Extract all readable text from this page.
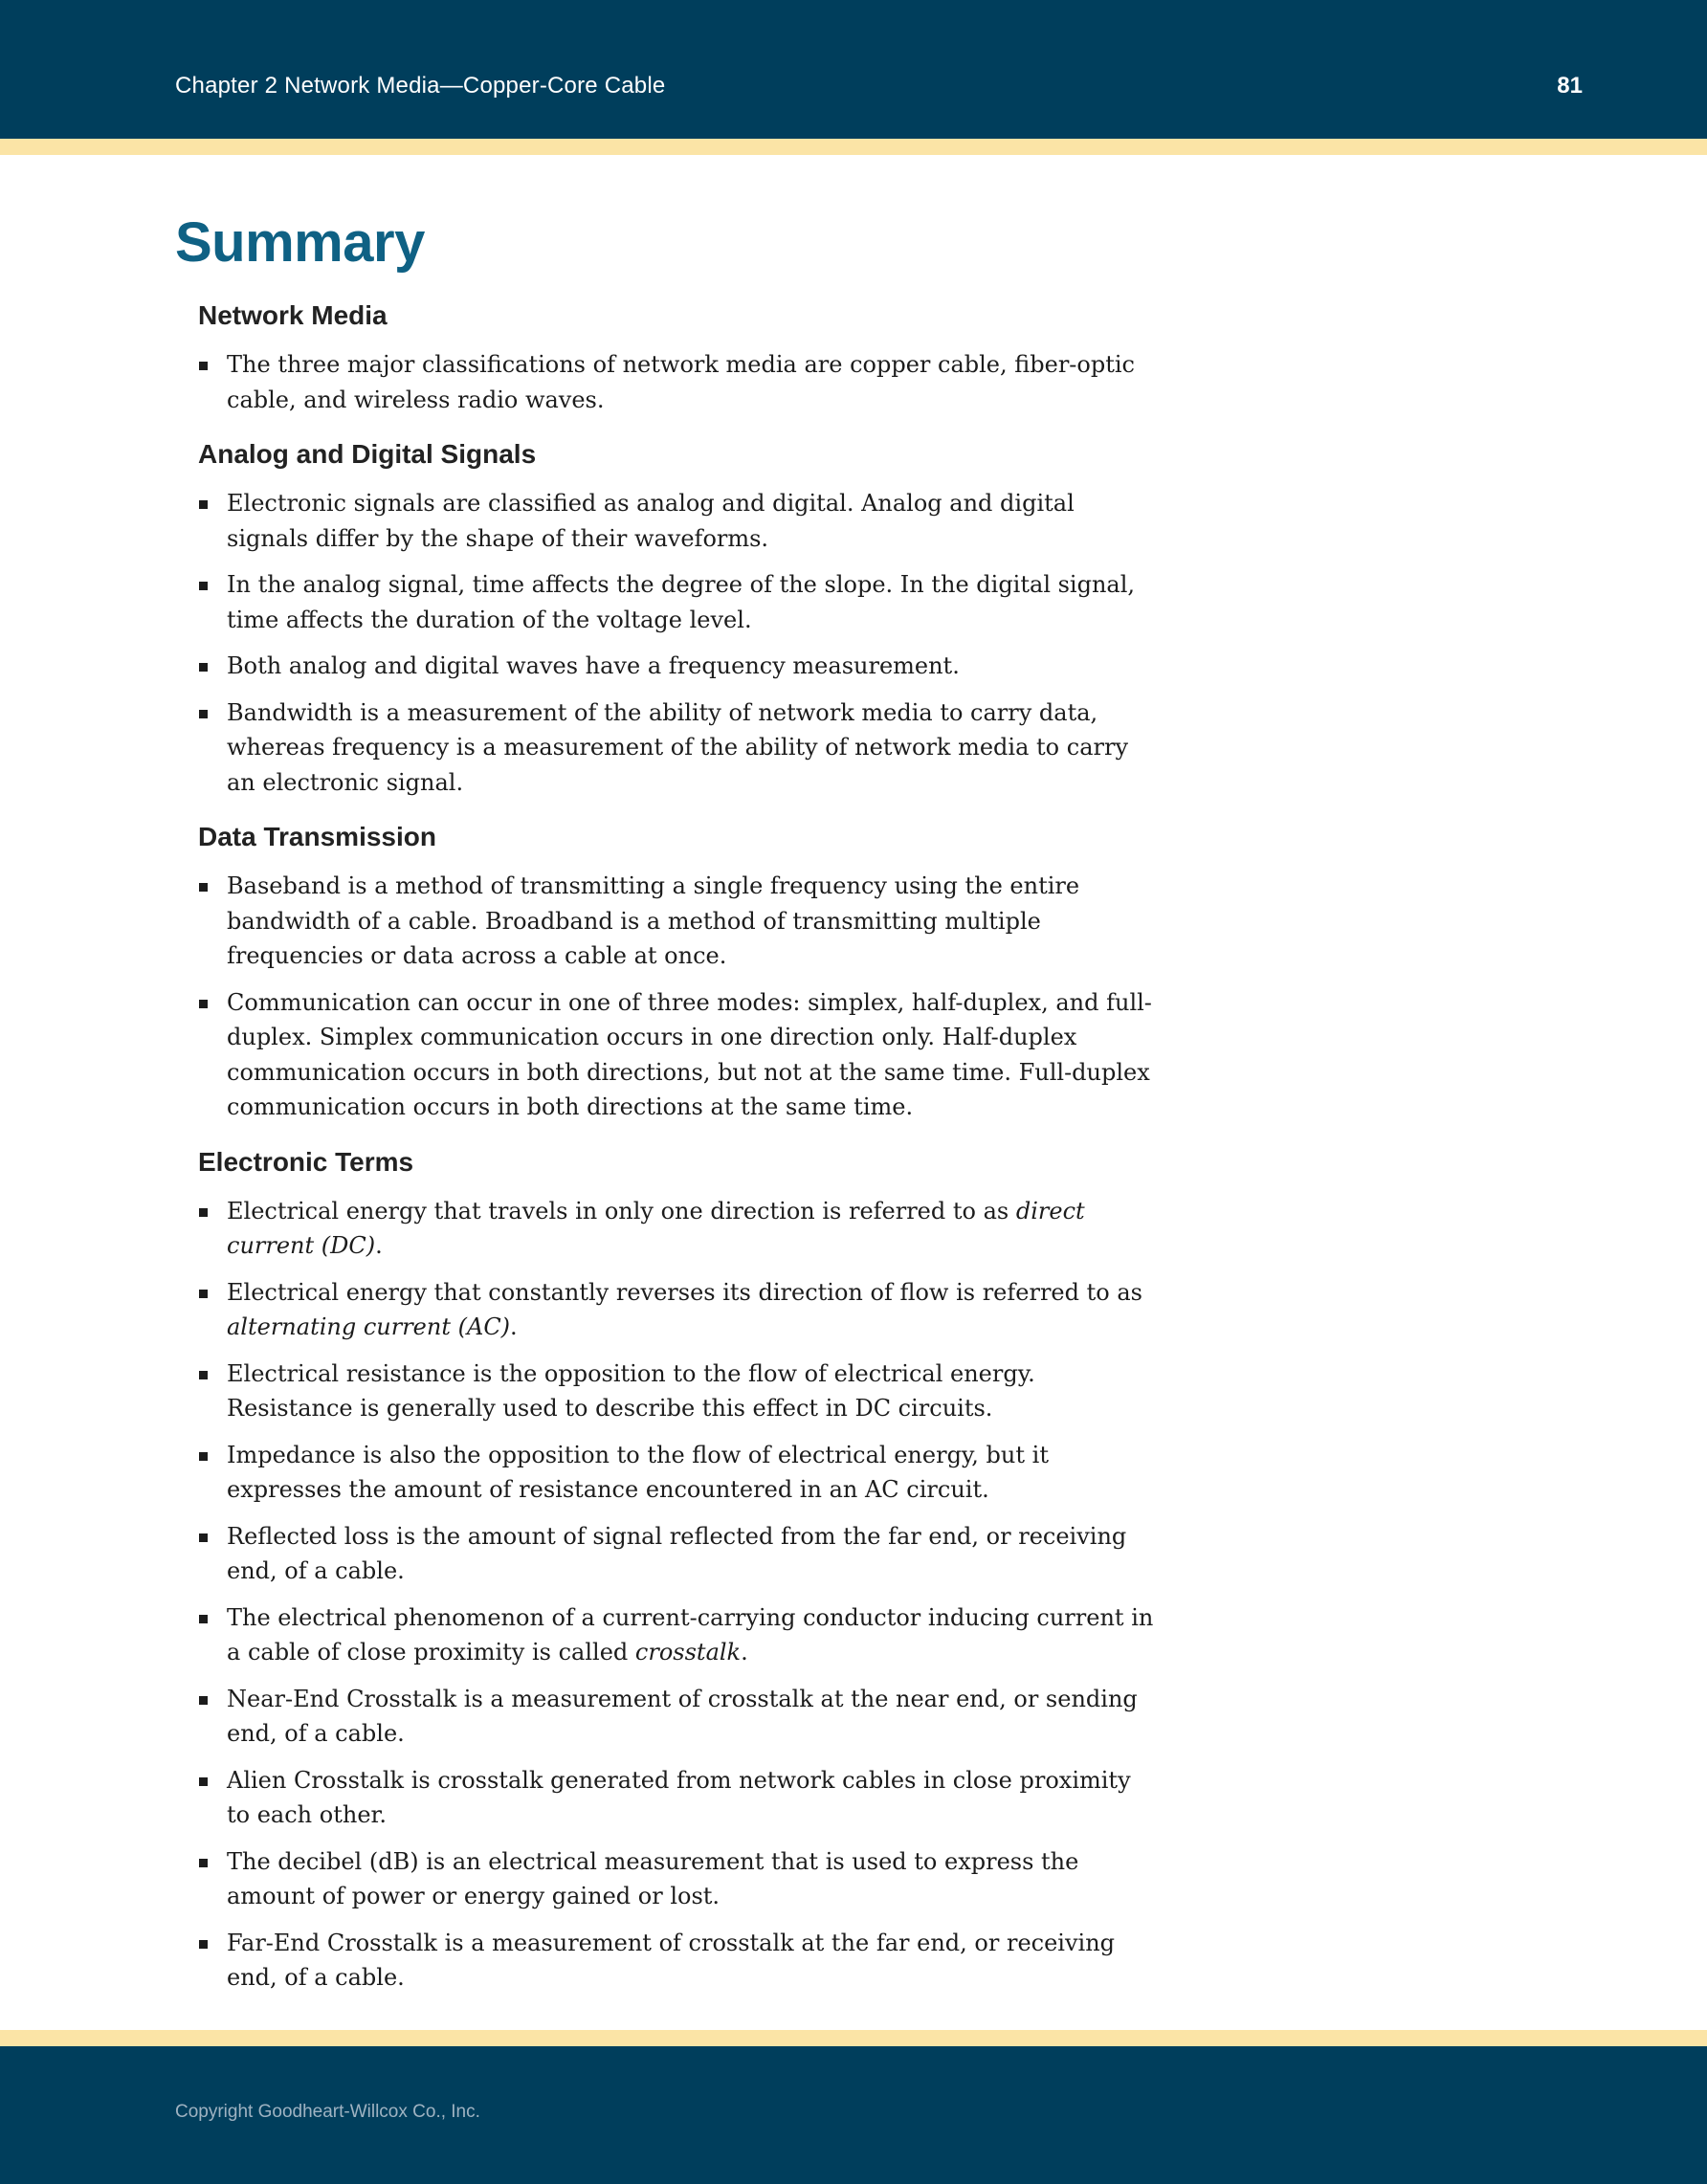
Chapter 2 Network Media—Copper-Core Cable	81
Summary
Network Media
The three major classifications of network media are copper cable, fiber-optic cable, and wireless radio waves.
Analog and Digital Signals
Electronic signals are classified as analog and digital. Analog and digital signals differ by the shape of their waveforms.
In the analog signal, time affects the degree of the slope. In the digital signal, time affects the duration of the voltage level.
Both analog and digital waves have a frequency measurement.
Bandwidth is a measurement of the ability of network media to carry data, whereas frequency is a measurement of the ability of network media to carry an electronic signal.
Data Transmission
Baseband is a method of transmitting a single frequency using the entire bandwidth of a cable. Broadband is a method of transmitting multiple frequencies or data across a cable at once.
Communication can occur in one of three modes: simplex, half-duplex, and full-duplex. Simplex communication occurs in one direction only. Half-duplex communication occurs in both directions, but not at the same time. Full-duplex communication occurs in both directions at the same time.
Electronic Terms
Electrical energy that travels in only one direction is referred to as direct current (DC).
Electrical energy that constantly reverses its direction of flow is referred to as alternating current (AC).
Electrical resistance is the opposition to the flow of electrical energy. Resistance is generally used to describe this effect in DC circuits.
Impedance is also the opposition to the flow of electrical energy, but it expresses the amount of resistance encountered in an AC circuit.
Reflected loss is the amount of signal reflected from the far end, or receiving end, of a cable.
The electrical phenomenon of a current-carrying conductor inducing current in a cable of close proximity is called crosstalk.
Near-End Crosstalk is a measurement of crosstalk at the near end, or sending end, of a cable.
Alien Crosstalk is crosstalk generated from network cables in close proximity to each other.
The decibel (dB) is an electrical measurement that is used to express the amount of power or energy gained or lost.
Far-End Crosstalk is a measurement of crosstalk at the far end, or receiving end, of a cable.
Copyright Goodheart-Willcox Co., Inc.
